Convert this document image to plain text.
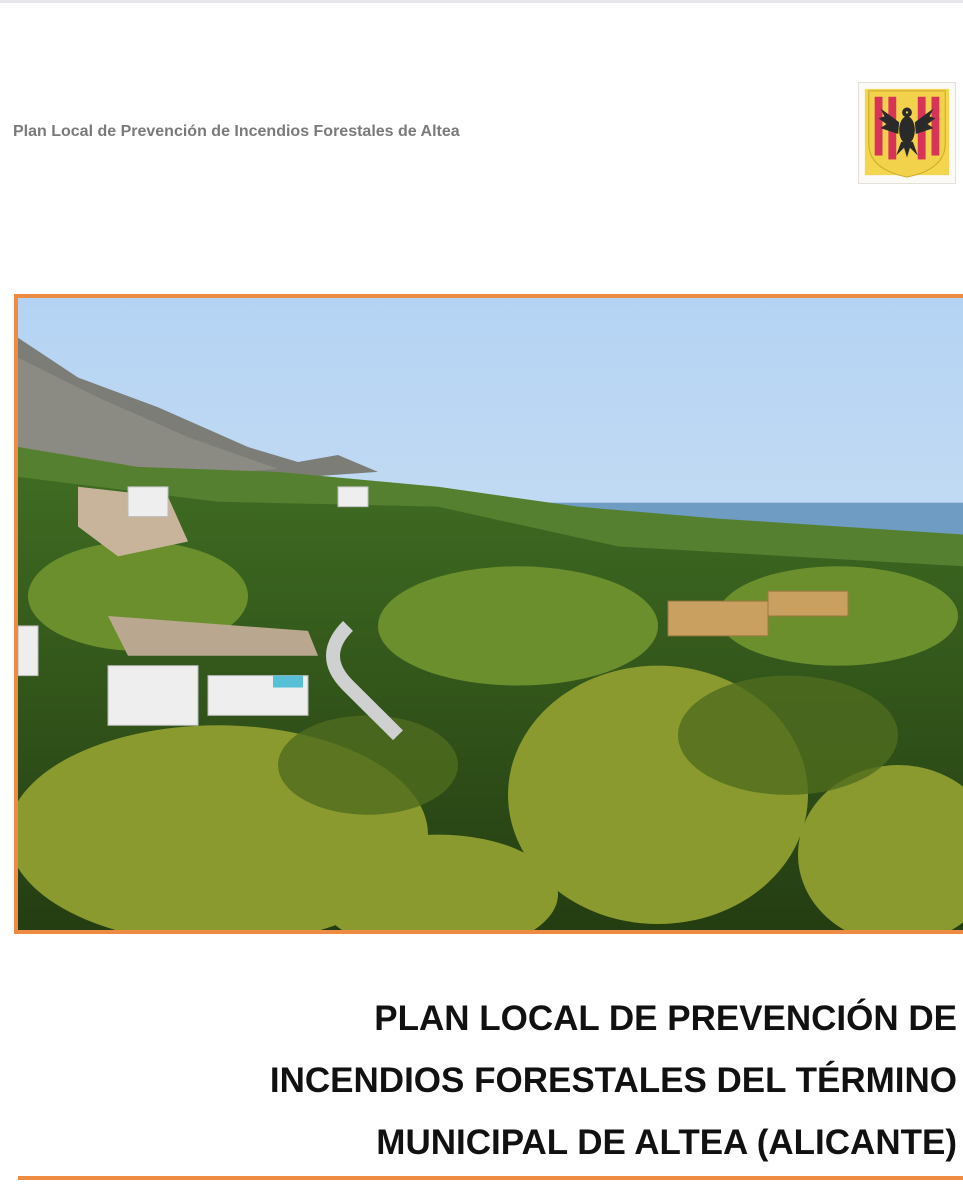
Plan Local de Prevención de Incendios Forestales de Altea
PLAN LOCAL DE PREVENCIÓN DE
INCENDIOS FORESTALES DEL TÉRMINO
MUNICIPAL DE ALTEA (ALICANTE)
